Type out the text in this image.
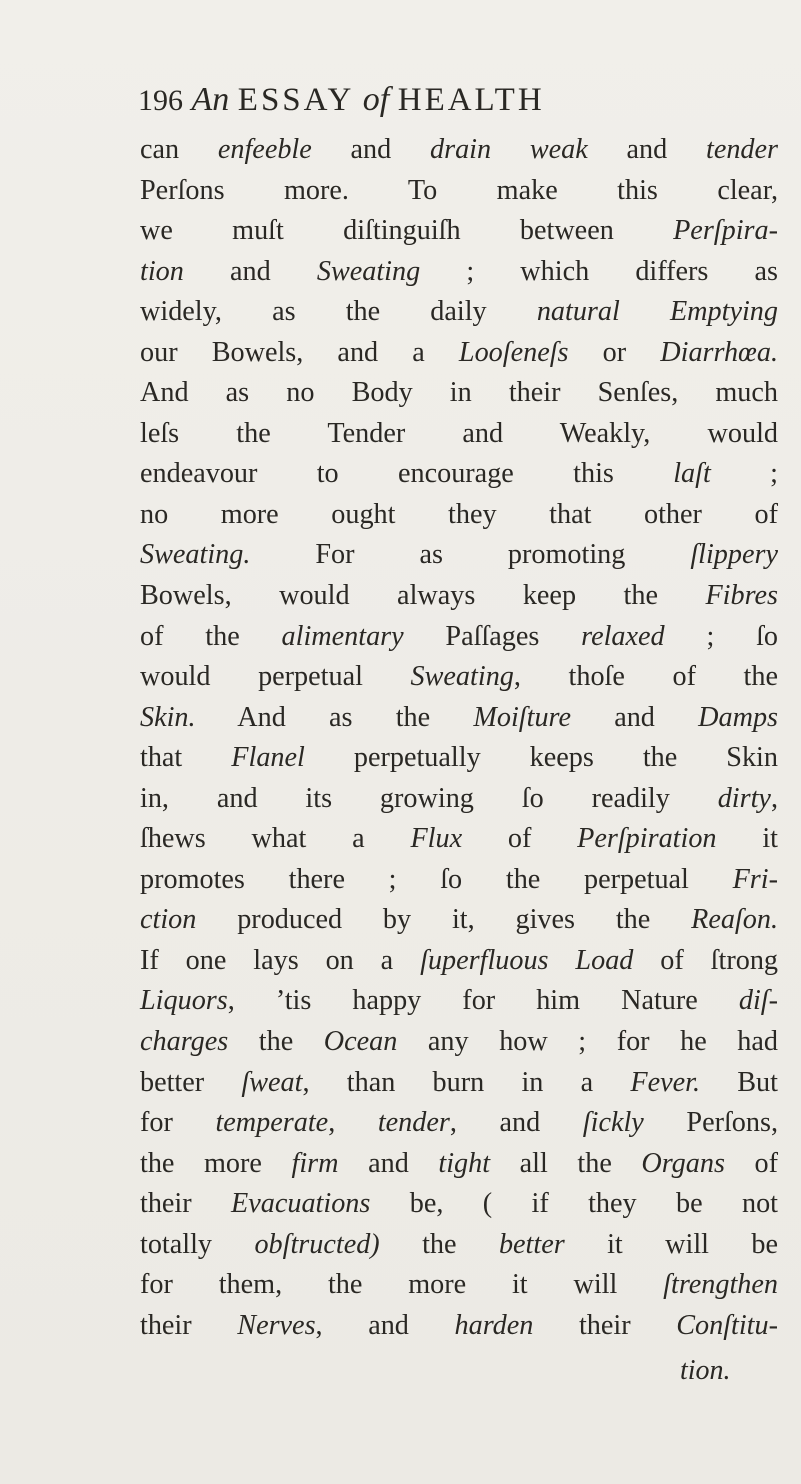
196 An ESSAY of HEALTH
can enfeeble and drain weak and tender
Perſons more. To make this clear,
we muſt diſtinguiſh between Perſpira-
tion and Sweating ; which differs as
widely, as the daily natural Emptying
our Bowels, and a Looſeneſs or Diarrhœa.
And as no Body in their Senſes, much
leſs the Tender and Weakly, would
endeavour to encourage this laſt ;
no more ought they that other of
Sweating. For as promoting ſlippery
Bowels, would always keep the Fibres
of the alimentary Paſſages relaxed ; ſo
would perpetual Sweating, thoſe of the
Skin. And as the Moiſture and Damps
that Flanel perpetually keeps the Skin
in, and its growing ſo readily dirty,
ſhews what a Flux of Perſpiration it
promotes there ; ſo the perpetual Fri-
ction produced by it, gives the Reaſon.
If one lays on a ſuperfluous Load of ſtrong
Liquors, ’tis happy for him Nature diſ-
charges the Ocean any how ; for he had
better ſweat, than burn in a Fever. But
for temperate, tender, and ſickly Perſons,
the more firm and tight all the Organs of
their Evacuations be, ( if they be not
totally obſtructed) the better it will be
for them, the more it will ſtrengthen
their Nerves, and harden their Conſtitu-
tion.
